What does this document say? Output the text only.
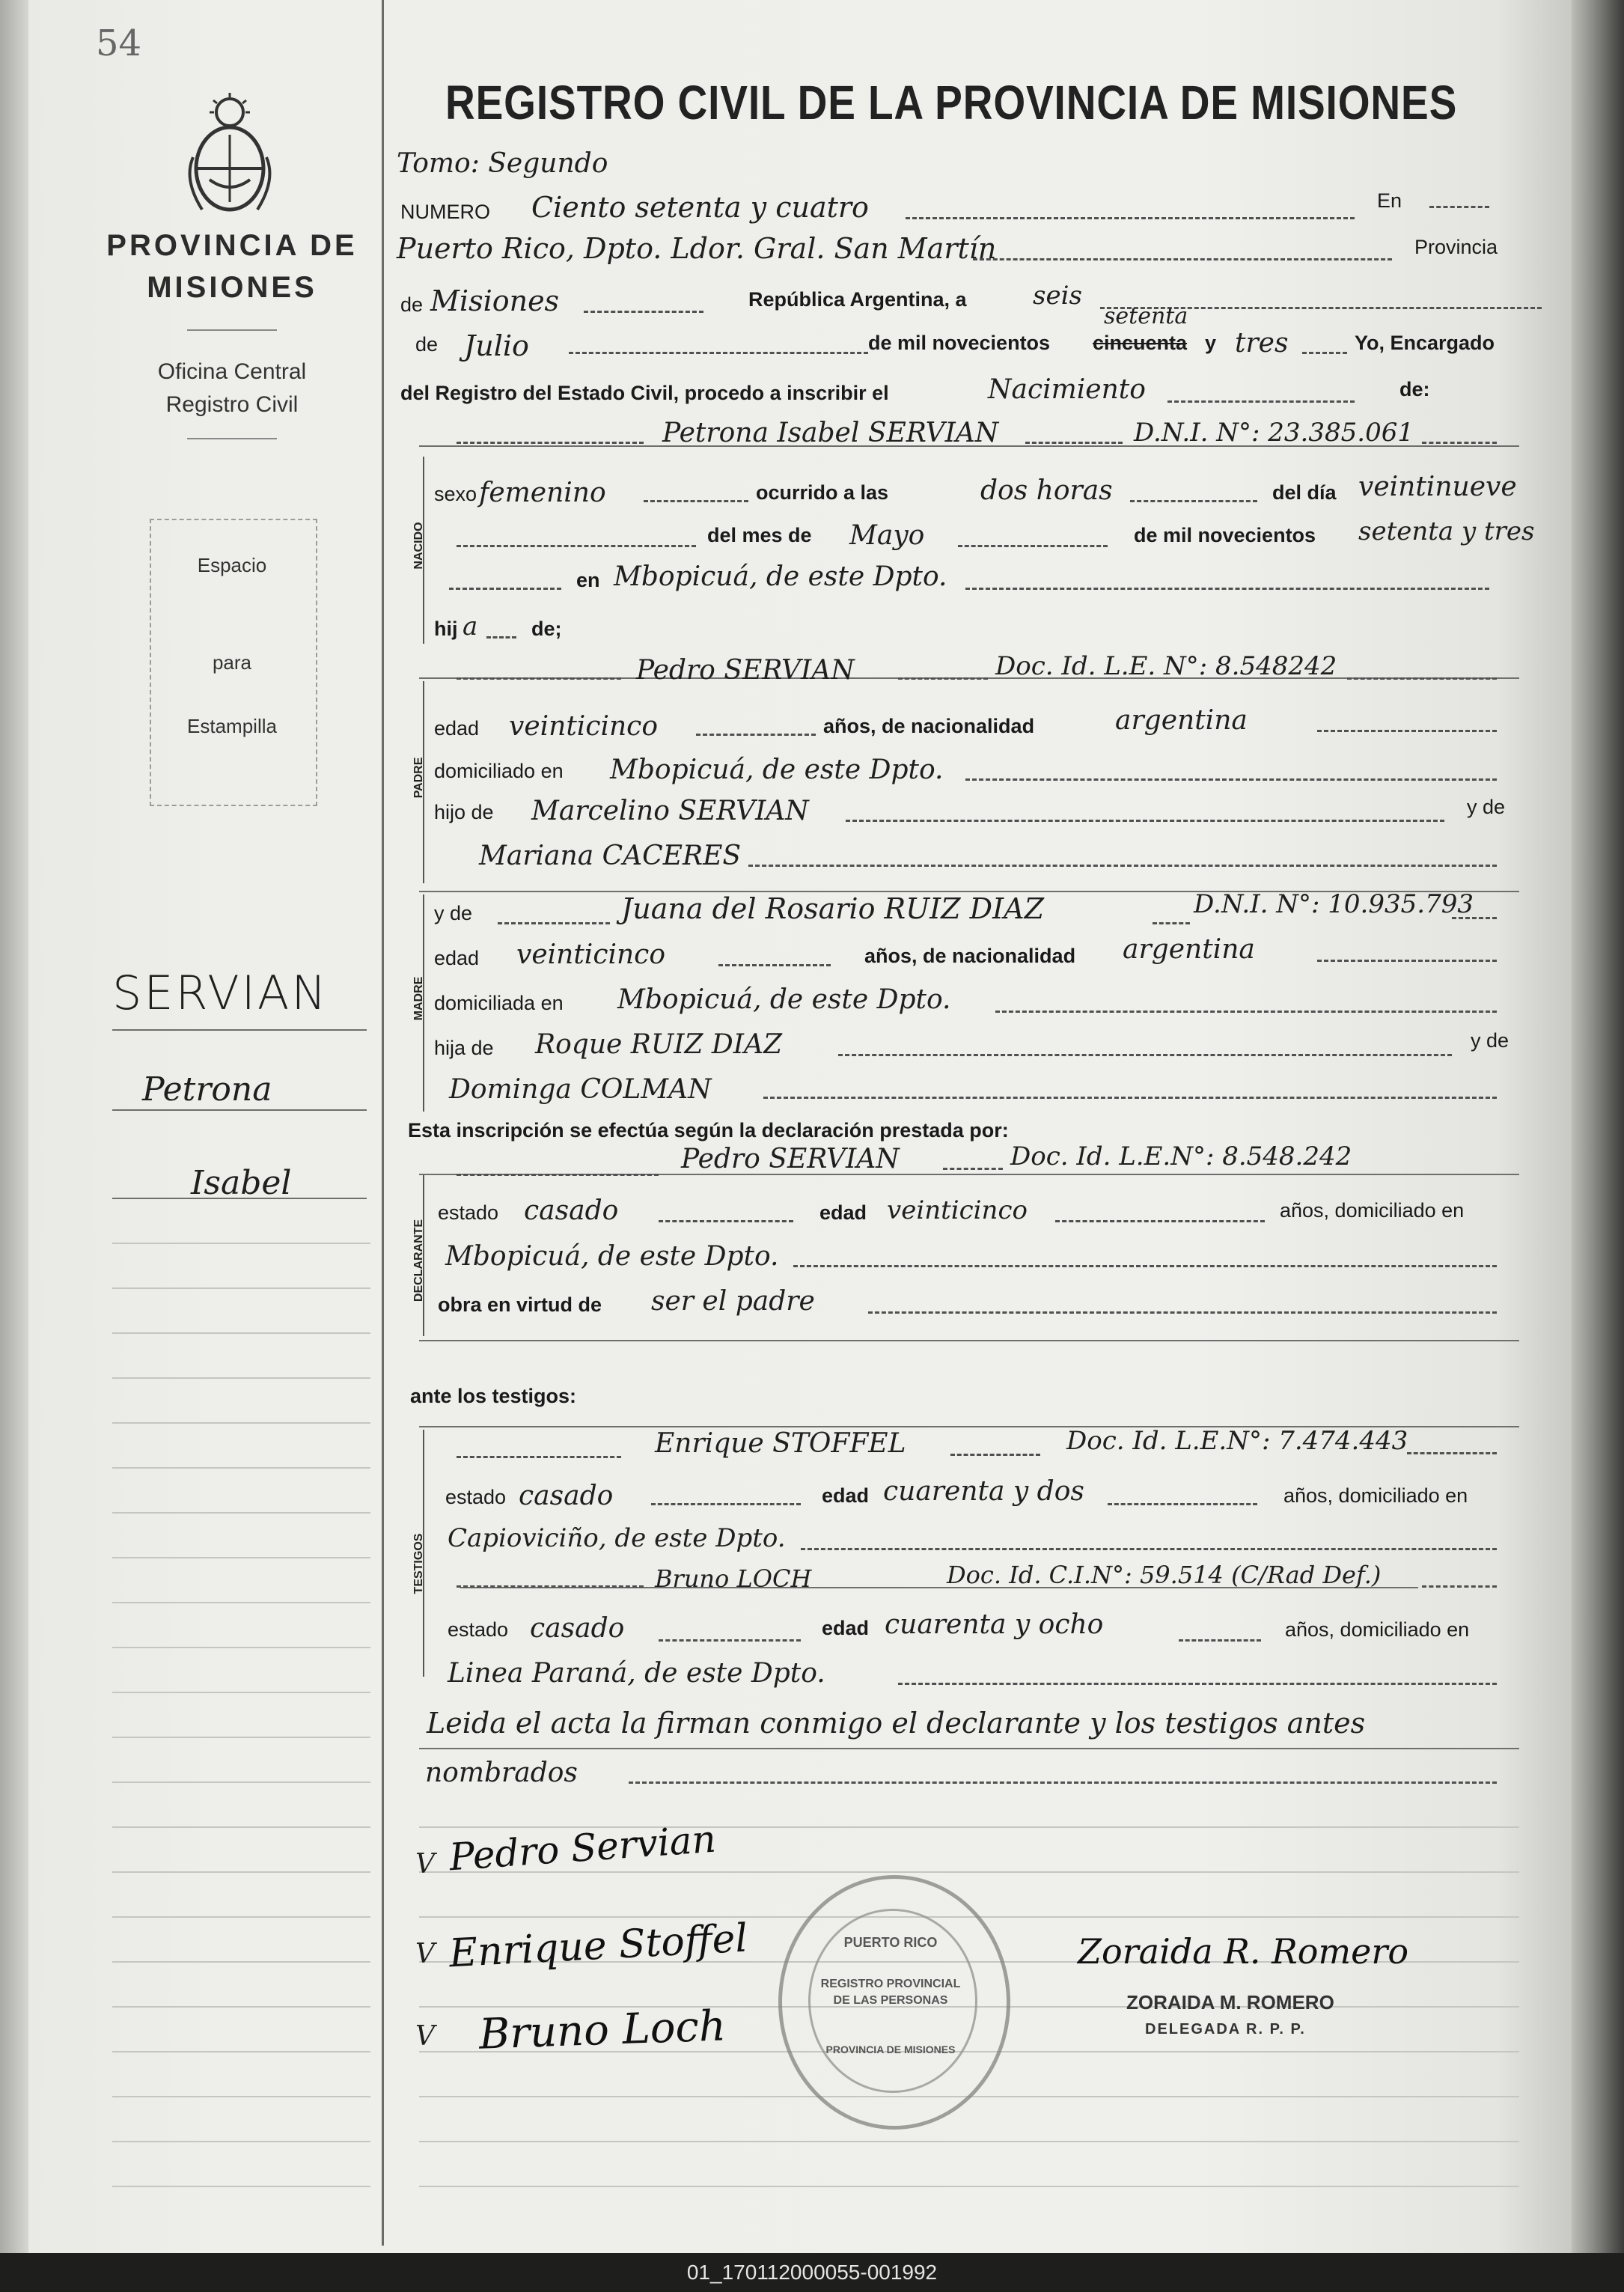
54
PROVINCIA DE MISIONES
Oficina Central Registro Civil
Espacio
para
Estampilla
SERVIAN
Petrona
Isabel
REGISTRO CIVIL DE LA PROVINCIA DE MISIONES
Tomo: Segundo
NUMERO Ciento setenta y cuatro	En
Puerto Rico, Dpto. Ldor. Gral. San Martín	Provincia
de Misiones	República Argentina, a	seis
de Julio	de mil novecientos cincuenta
setenta
y tres	Yo, Encargado
del Registro del Estado Civil, procedo a inscribir el	Nacimiento	de:
NACIDO
Petrona Isabel SERVIAN	D.N.I. N°: 23.385.061
sexo femenino	ocurrido a las	dos horas	del día veintinueve
del mes de Mayo	de mil novecientos setenta y tres
en Mbopicuá, de este Dpto.
hij a	de;
PADRE
Pedro SERVIAN	Doc. Id. L.E. N°: 8.548242
edad veinticinco	años, de nacionalidad	argentina
domiciliado en Mbopicuá, de este Dpto.
hijo de Marcelino SERVIAN	y de
Mariana CACERES
MADRE
y de	Juana del Rosario RUIZ DIAZ	D.N.I. N°: 10.935.793
edad veinticinco	años, de nacionalidad argentina
domiciliada en Mbopicuá, de este Dpto.
hija de Roque RUIZ DIAZ	y de
Dominga COLMAN
Esta inscripción se efectúa según la declaración prestada por:
DECLARANTE
Pedro SERVIAN	Doc. Id. L.E.N°: 8.548.242
estado casado	edad veinticinco	años, domiciliado en
Mbopicuá, de este Dpto.
obra en virtud de ser el padre
ante los testigos:
TESTIGOS
Enrique STOFFEL	Doc. Id. L.E.N°: 7.474.443
estado casado	edad cuarenta y dos	años, domiciliado en
Capioviciño, de este Dpto.
Bruno LOCH	Doc. Id. C.I.N°: 59.514 (C/Rad Def.)
estado casado	edad cuarenta y ocho	años, domiciliado en
Linea Paraná, de este Dpto.
Leida el acta la firman conmigo el declarante y los testigos antes
nombrados
REGISTRO PROVINCIAL DE LAS PERSONAS
PUERTO RICO
PROVINCIA DE MISIONES
V Pedro Servian
V Enrique Stoffel
V Bruno Loch
Zoraida R. Romero
ZORAIDA M. ROMERO
DELEGADA R. P. P.
01_170112000055-001992
